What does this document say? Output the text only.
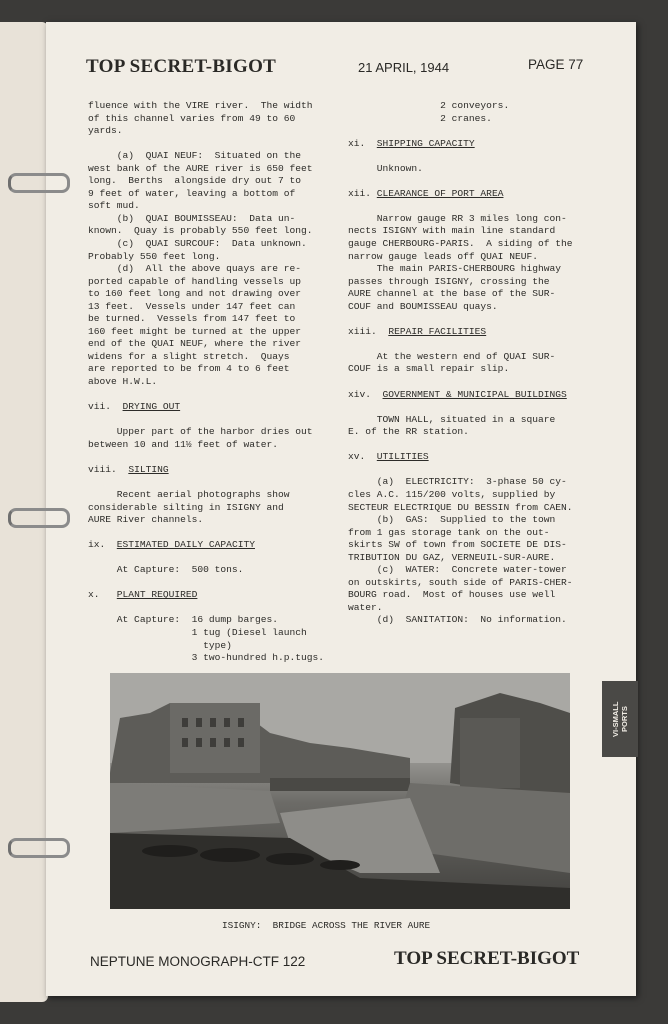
TOP SECRET-BIGOT	21 APRIL, 1944	PAGE 77
fluence with the VIRE river.  The width
of this channel varies from 49 to 60
yards.

(a)  QUAI NEUF:  Situated on the
west bank of the AURE river is 650 feet
long.  Berths  alongside dry out 7 to
9 feet of water, leaving a bottom of
soft mud.
(b)  QUAI BOUMISSEAU:  Data un-
known.  Quay is probably 550 feet long.
(c)  QUAI SURCOUF:  Data unknown.
Probably 550 feet long.
(d)  All the above quays are re-
ported capable of handling vessels up
to 160 feet long and not drawing over
13 feet.  Vessels under 147 feet can
be turned.  Vessels from 147 feet to
160 feet might be turned at the upper
end of the QUAI NEUF, where the river
widens for a slight stretch.  Quays
are reported to be from 4 to 6 feet
above H.W.L.

vii.  DRYING OUT

Upper part of the harbor dries out
between 10 and 11½ feet of water.

viii.  SILTING

Recent aerial photographs show
considerable silting in ISIGNY and
AURE River channels.

ix.  ESTIMATED DAILY CAPACITY

At Capture:  500 tons.

x.   PLANT REQUIRED

At Capture:  16 dump barges.
1 tug (Diesel launch
type)
3 two-hundred h.p.tugs.
2 conveyors.
2 cranes.

xi.  SHIPPING CAPACITY

Unknown.

xii. CLEARANCE OF PORT AREA

Narrow gauge RR 3 miles long con-
nects ISIGNY with main line standard
gauge CHERBOURG-PARIS.  A siding of the
narrow gauge leads off QUAI NEUF.
The main PARIS-CHERBOURG highway
passes through ISIGNY, crossing the
AURE channel at the base of the SUR-
COUF and BOUMISSEAU quays.

xiii.  REPAIR FACILITIES

At the western end of QUAI SUR-
COUF is a small repair slip.

xiv.  GOVERNMENT & MUNICIPAL BUILDINGS

TOWN HALL, situated in a square
E. of the RR station.

xv.  UTILITIES

(a)  ELECTRICITY:  3-phase 50 cy-
cles A.C. 115/200 volts, supplied by
SECTEUR ELECTRIQUE DU BESSIN from CAEN.
(b)  GAS:  Supplied to the town
from 1 gas storage tank on the out-
skirts SW of town from SOCIETE DE DIS-
TRIBUTION DU GAZ, VERNEUIL-SUR-AURE.
(c)  WATER:  Concrete water-tower
on outskirts, south side of PARIS-CHER-
BOURG road.  Most of houses use well
water.
(d)  SANITATION:  No information.
ISIGNY:  BRIDGE ACROSS THE RIVER AURE
NEPTUNE MONOGRAPH-CTF 122	TOP SECRET-BIGOT
VI-SMALL
PORTS
